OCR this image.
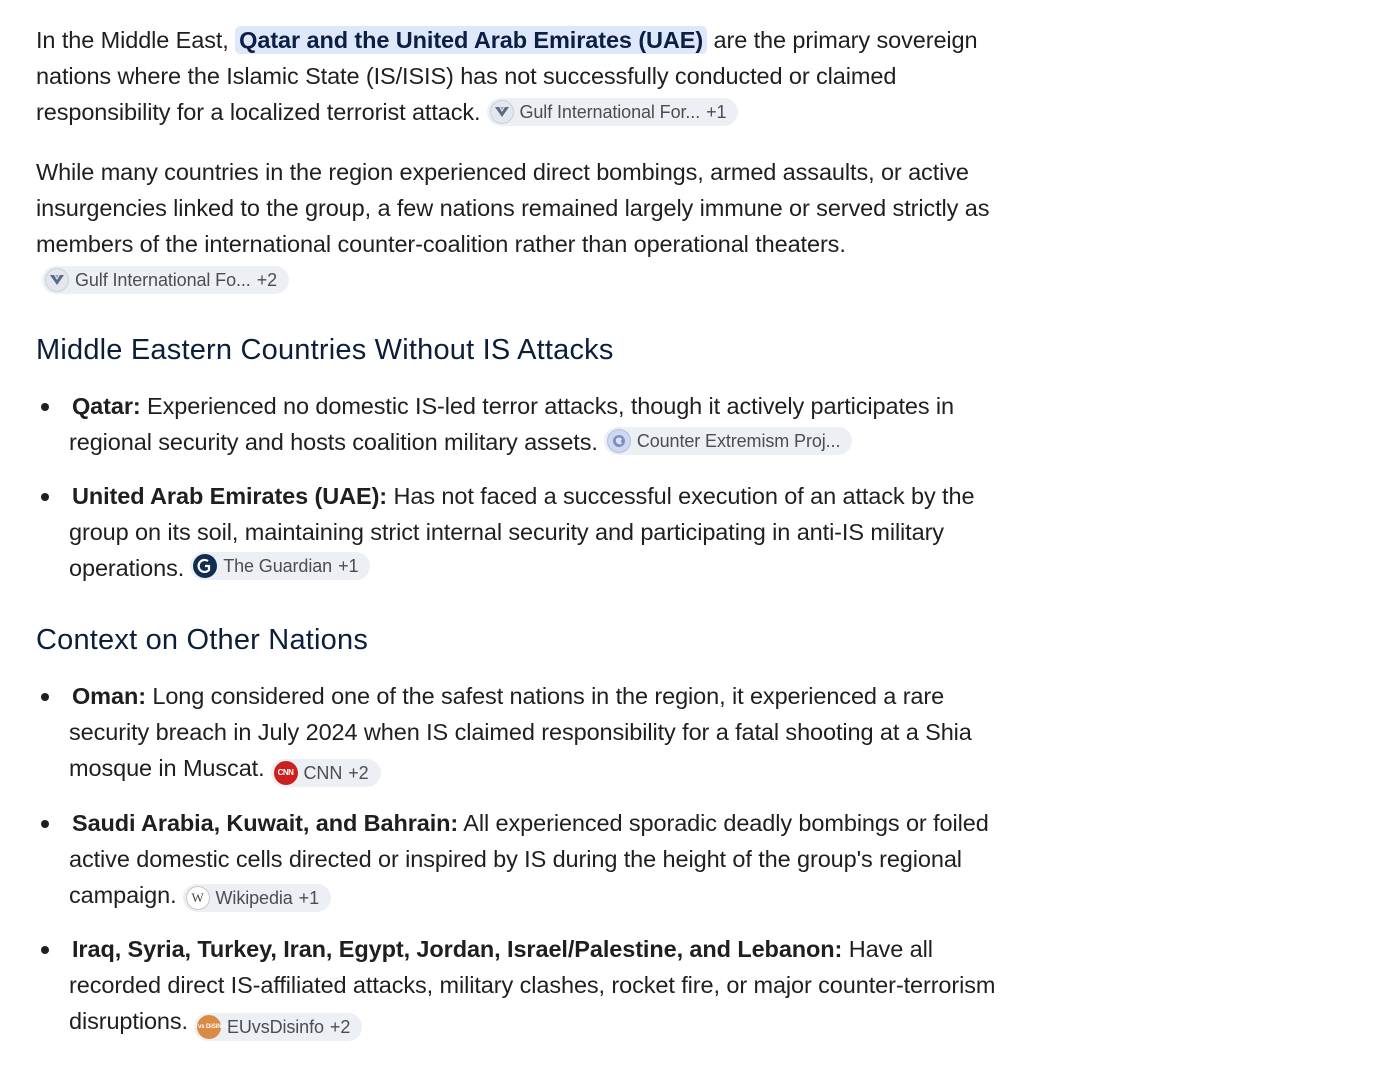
In the Middle East, Qatar and the United Arab Emirates (UAE) are the primary sovereign nations where the Islamic State (IS/ISIS) has not successfully conducted or claimed responsibility for a localized terrorist attack. Gulf International For... +1

While many countries in the region experienced direct bombings, armed assaults, or active insurgencies linked to the group, a few nations remained largely immune or served strictly as members of the international counter-coalition rather than operational theaters.
Gulf International Fo... +2

Middle Eastern Countries Without IS Attacks
Qatar: Experienced no domestic IS-led terror attacks, though it actively participates in regional security and hosts coalition military assets. Counter Extremism Proj...
United Arab Emirates (UAE): Has not faced a successful execution of an attack by the group on its soil, maintaining strict internal security and participating in anti-IS military operations. The Guardian +1
Context on Other Nations
Oman: Long considered one of the safest nations in the region, it experienced a rare security breach in July 2024 when IS claimed responsibility for a fatal shooting at a Shia mosque in Muscat.	CNN CNN +2
Saudi Arabia, Kuwait, and Bahrain: All experienced sporadic deadly bombings or foiled active domestic cells directed or inspired by IS during the height of the group's regional campaign.	W Wikipedia +1
Iraq, Syria, Turkey, Iran, Egypt, Jordan, Israel/Palestine, and Lebanon: Have all recorded direct IS-affiliated attacks, military clashes, rocket fire, or major counter-terrorism disruptions. EU vs DiSiNFO
EUvsDisinfo +2
